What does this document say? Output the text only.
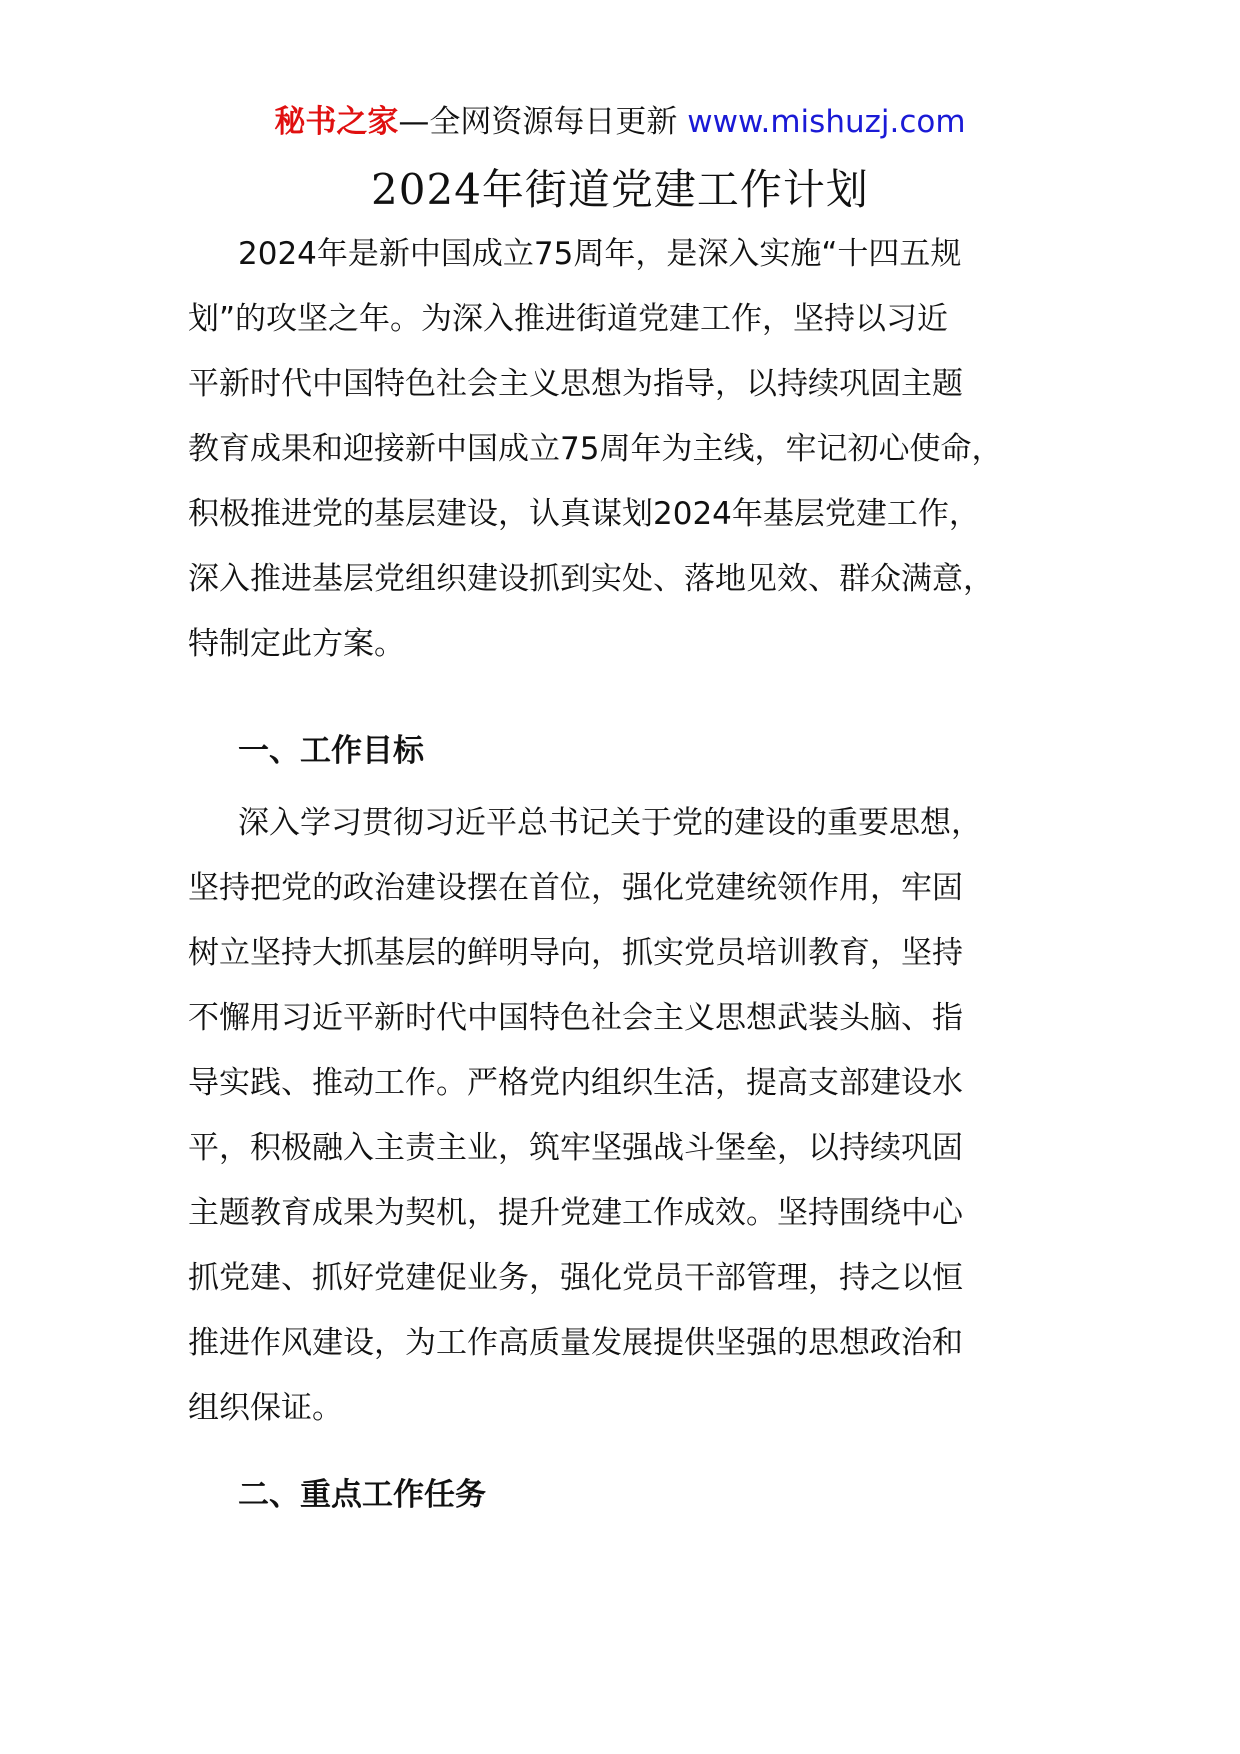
秘书之家—全网资源每日更新 www.mishuzj.com
2024年街道党建工作计划
2024年是新中国成立75周年，是深入实施“十四五规
划”的攻坚之年。为深入推进街道党建工作，坚持以习近
平新时代中国特色社会主义思想为指导，以持续巩固主题
教育成果和迎接新中国成立75周年为主线，牢记初心使命，
积极推进党的基层建设，认真谋划2024年基层党建工作，
深入推进基层党组织建设抓到实处、落地见效、群众满意，
特制定此方案。
一、工作目标
深入学习贯彻习近平总书记关于党的建设的重要思想，
坚持把党的政治建设摆在首位，强化党建统领作用，牢固
树立坚持大抓基层的鲜明导向，抓实党员培训教育，坚持
不懈用习近平新时代中国特色社会主义思想武装头脑、指
导实践、推动工作。严格党内组织生活，提高支部建设水
平，积极融入主责主业，筑牢坚强战斗堡垒，以持续巩固
主题教育成果为契机，提升党建工作成效。坚持围绕中心
抓党建、抓好党建促业务，强化党员干部管理，持之以恒
推进作风建设，为工作高质量发展提供坚强的思想政治和
组织保证。
二、重点工作任务
